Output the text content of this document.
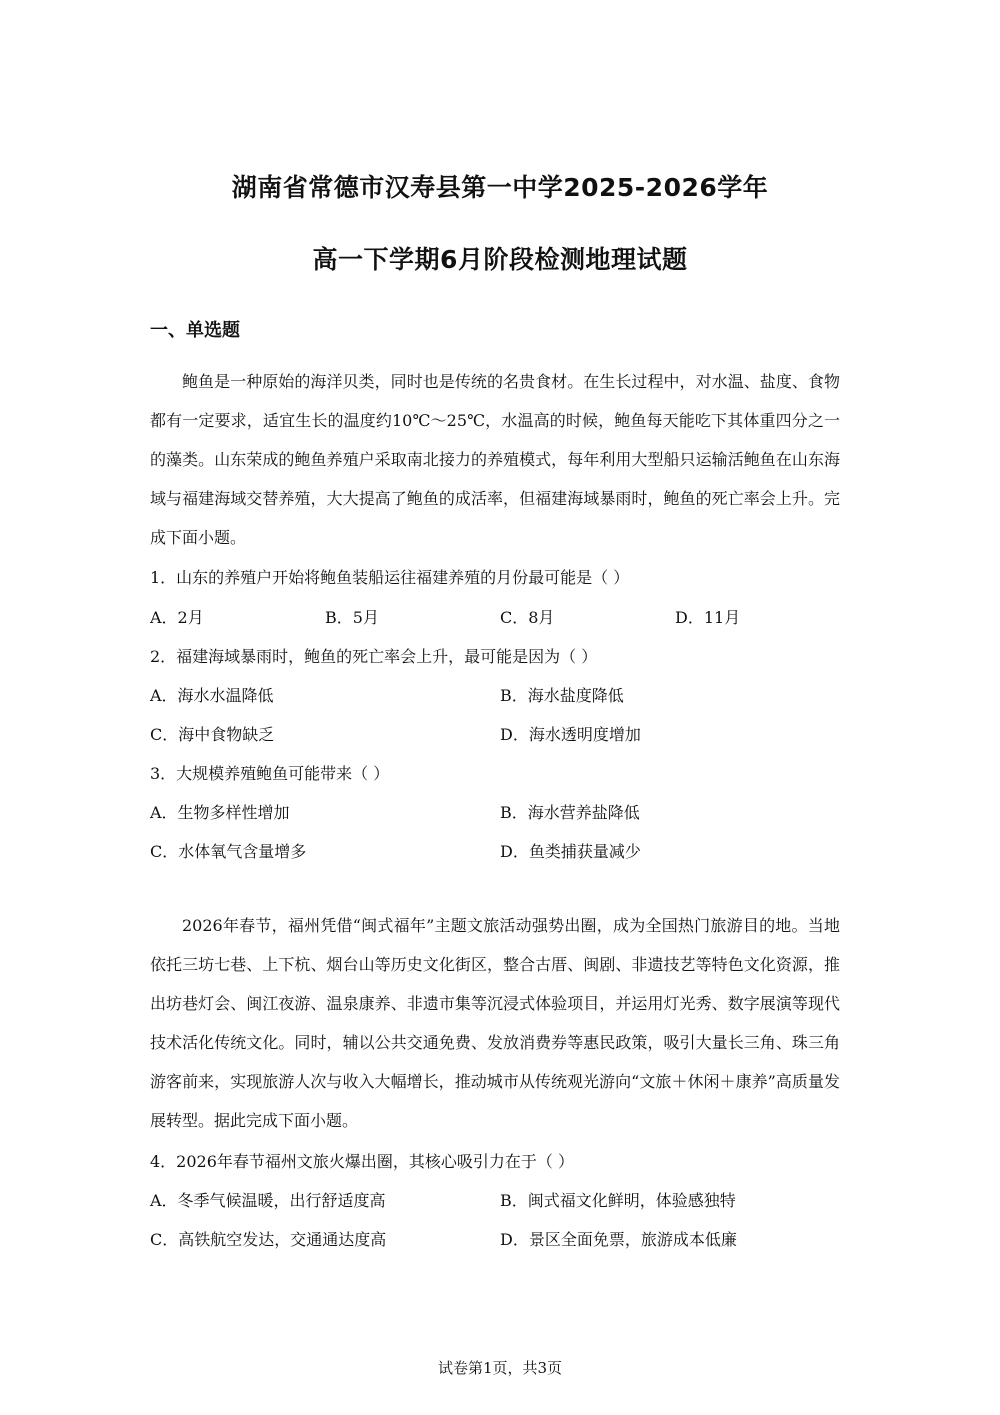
湖南省常德市汉寿县第一中学2025-2026学年
高一下学期6月阶段检测地理试题
一、单选题

鲍鱼是一种原始的海洋贝类，同时也是传统的名贵食材。在生长过程中，对水温、盐度、食物都有一定要求，适宜生长的温度约10℃～25℃，水温高的时候，鲍鱼每天能吃下其体重四分之一的藻类。山东荣成的鲍鱼养殖户采取南北接力的养殖模式，每年利用大型船只运输活鲍鱼在山东海域与福建海域交替养殖，大大提高了鲍鱼的成活率，但福建海域暴雨时，鲍鱼的死亡率会上升。完成下面小题。

1．山东的养殖户开始将鲍鱼装船运往福建养殖的月份最可能是（ ）
A．2月	B．5月	C．8月	D．11月
2．福建海域暴雨时，鲍鱼的死亡率会上升，最可能是因为（ ）
A．海水水温降低	B．海水盐度降低
C．海中食物缺乏	D．海水透明度增加
3．大规模养殖鲍鱼可能带来（ ）
A．生物多样性增加	B．海水营养盐降低
C．水体氧气含量增多	D．鱼类捕获量减少

2026年春节，福州凭借“闽式福年”主题文旅活动强势出圈，成为全国热门旅游目的地。当地依托三坊七巷、上下杭、烟台山等历史文化街区，整合古厝、闽剧、非遗技艺等特色文化资源，推出坊巷灯会、闽江夜游、温泉康养、非遗市集等沉浸式体验项目，并运用灯光秀、数字展演等现代技术活化传统文化。同时，辅以公共交通免费、发放消费券等惠民政策，吸引大量长三角、珠三角游客前来，实现旅游人次与收入大幅增长，推动城市从传统观光游向“文旅＋休闲＋康养”高质量发展转型。据此完成下面小题。

4．2026年春节福州文旅火爆出圈，其核心吸引力在于（ ）
A．冬季气候温暖，出行舒适度高	B．闽式福文化鲜明，体验感独特
C．高铁航空发达，交通通达度高	D．景区全面免票，旅游成本低廉
试卷第1页，共3页
